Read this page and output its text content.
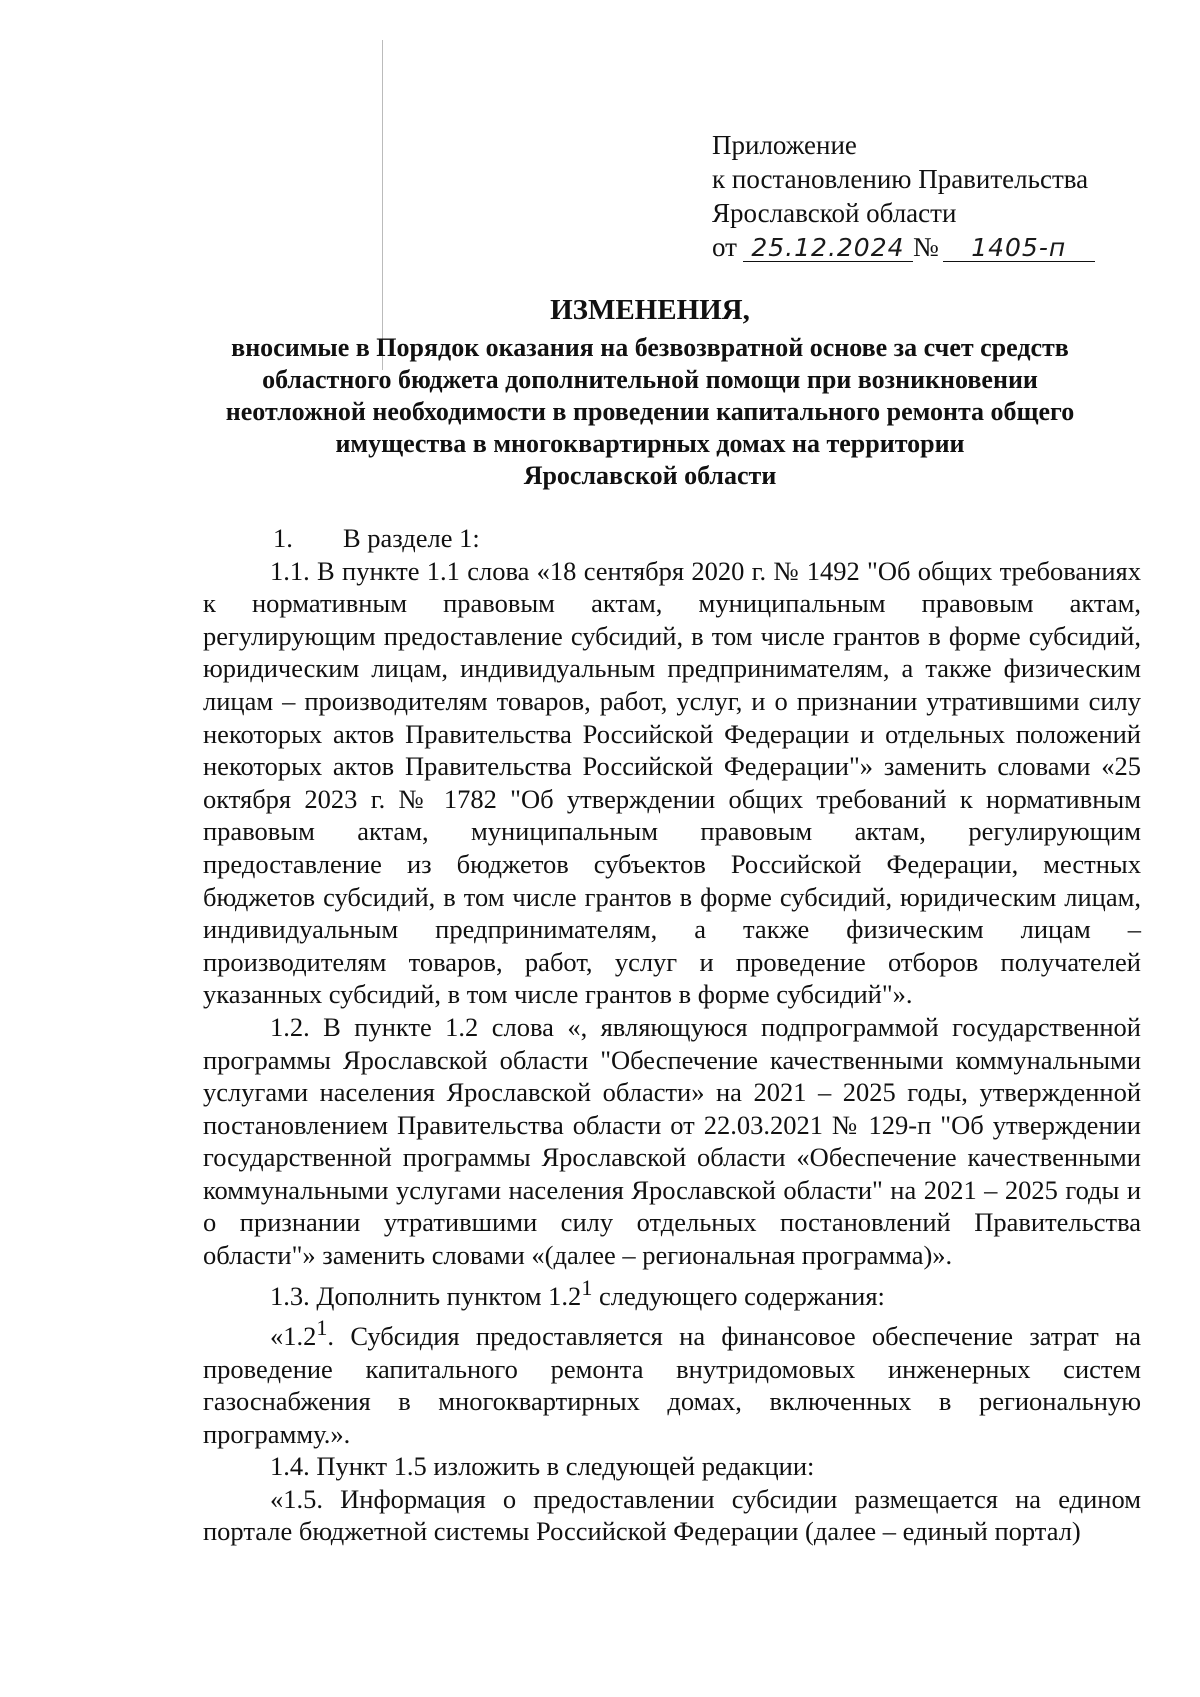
Приложение
к постановлению Правительства
Ярославской области
от 25.12.2024 № 1405-п
ИЗМЕНЕНИЯ,
вносимые в Порядок оказания на безвозвратной основе за счет средств
областного бюджета дополнительной помощи при возникновении
неотложной необходимости в проведении капитального ремонта общего
имущества в многоквартирных домах на территории
Ярославской области

1. В разделе 1:

1.1. В пункте 1.1 слова «18 сентября 2020 г. № 1492 "Об общих требованиях к нормативным правовым актам, муниципальным правовым актам, регулирующим предоставление субсидий, в том числе грантов в форме субсидий, юридическим лицам, индивидуальным предпринимателям, а также физическим лицам – производителям товаров, работ, услуг, и о признании утратившими силу некоторых актов Правительства Российской Федерации и отдельных положений некоторых актов Правительства Российской Федерации"» заменить словами «25 октября 2023 г. № 1782 "Об утверждении общих требований к нормативным правовым актам, муниципальным правовым актам, регулирующим предоставление из бюджетов субъектов Российской Федерации, местных бюджетов субсидий, в том числе грантов в форме субсидий, юридическим лицам, индивидуальным предпринимателям, а также физическим лицам – производителям товаров, работ, услуг и проведение отборов получателей указанных субсидий, в том числе грантов в форме субсидий"».

1.2. В пункте 1.2 слова «, являющуюся подпрограммой государственной программы Ярославской области "Обеспечение качественными коммунальными услугами населения Ярославской области» на 2021 – 2025 годы, утвержденной постановлением Правительства области от 22.03.2021 № 129-п "Об утверждении государственной программы Ярославской области «Обеспечение качественными коммунальными услугами населения Ярославской области" на 2021 – 2025 годы и о признании утратившими силу отдельных постановлений Правительства области"» заменить словами «(далее – региональная программа)».

1.3. Дополнить пунктом $1.2^1$ следующего содержания:

«$1.2^1$. Субсидия предоставляется на финансовое обеспечение затрат на проведение капитального ремонта внутридомовых инженерных систем газоснабжения в многоквартирных домах, включенных в региональную программу.».

1.4. Пункт 1.5 изложить в следующей редакции:

«1.5. Информация о предоставлении субсидии размещается на едином портале бюджетной системы Российской Федерации (далее – единый портал)
